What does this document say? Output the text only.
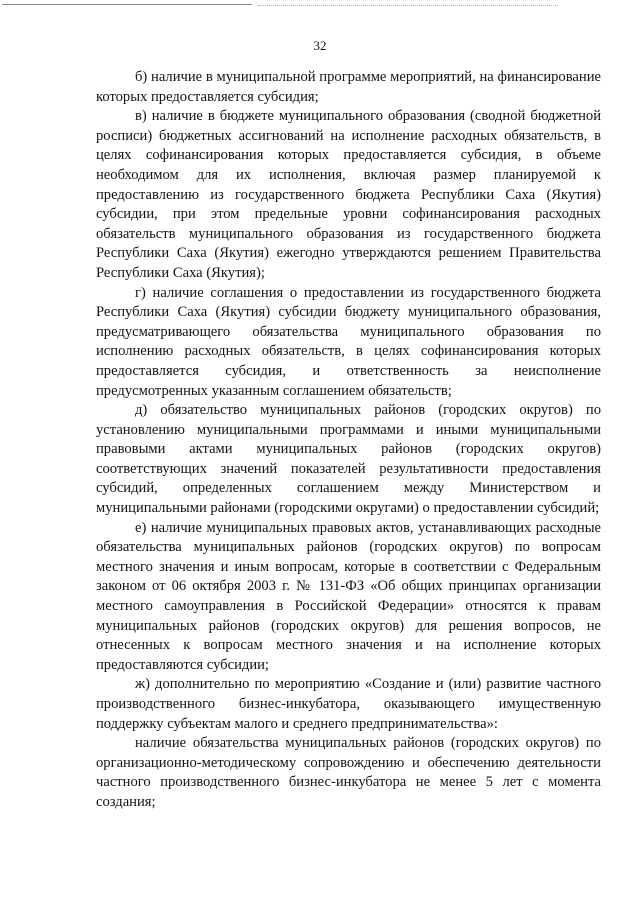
32

б) наличие в муниципальной программе мероприятий, на финансирование которых предоставляется субсидия;

в) наличие в бюджете муниципального образования (сводной бюджетной росписи) бюджетных ассигнований на исполнение расходных обязательств, в целях софинансирования которых предоставляется субсидия, в объеме необходимом для их исполнения, включая размер планируемой к предоставлению из государственного бюджета Республики Саха (Якутия) субсидии, при этом предельные уровни софинансирования расходных обязательств муниципального образования из государственного бюджета Республики Саха (Якутия) ежегодно утверждаются решением Правительства Республики Саха (Якутия);

г) наличие соглашения о предоставлении из государственного бюджета Республики Саха (Якутия) субсидии бюджету муниципального образования, предусматривающего обязательства муниципального образования по исполнению расходных обязательств, в целях софинансирования которых предоставляется субсидия, и ответственность за неисполнение предусмотренных указанным соглашением обязательств;

д) обязательство муниципальных районов (городских округов) по установлению муниципальными программами и иными муниципальными правовыми актами муниципальных районов (городских округов) соответствующих значений показателей результативности предоставления субсидий, определенных соглашением между Министерством и муниципальными районами (городскими округами) о предоставлении субсидий;

е) наличие муниципальных правовых актов, устанавливающих расходные обязательства муниципальных районов (городских округов) по вопросам местного значения и иным вопросам, которые в соответствии с Федеральным законом от 06 октября 2003 г. № 131-ФЗ «Об общих принципах организации местного самоуправления в Российской Федерации» относятся к правам муниципальных районов (городских округов) для решения вопросов, не отнесенных к вопросам местного значения и на исполнение которых предоставляются субсидии;

ж) дополнительно по мероприятию «Создание и (или) развитие частного производственного бизнес-инкубатора, оказывающего имущественную поддержку субъектам малого и среднего предпринимательства»:

наличие обязательства муниципальных районов (городских округов) по организационно-методическому сопровождению и обеспечению деятельности частного производственного бизнес-инкубатора не менее 5 лет с момента создания;
